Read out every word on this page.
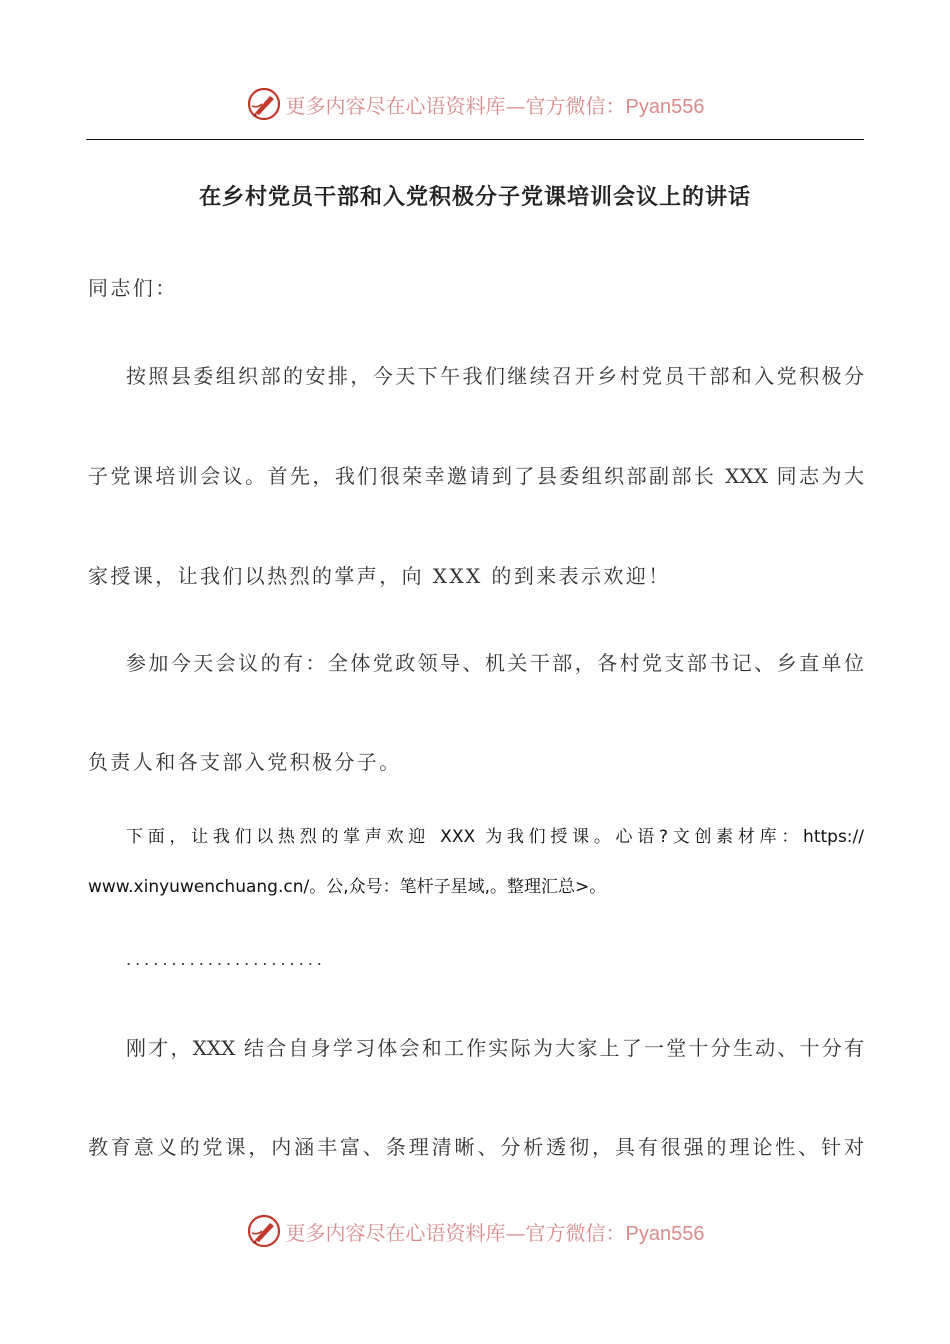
更多内容尽在心语资料库—官方微信：Pyan556
在乡村党员干部和入党积极分子党课培训会议上的讲话
同志们：
按照县委组织部的安排，今天下午我们继续召开乡村党员干部和入党积极分
子党课培训会议。首先，我们很荣幸邀请到了县委组织部副部长 XXX 同志为大
家授课，让我们以热烈的掌声，向 XXX 的到来表示欢迎！
参加今天会议的有：全体党政领导、机关干部，各村党支部书记、乡直单位
负责人和各支部入党积极分子。
下面，让我们以热烈的掌声欢迎 XXX 为我们授课。心语?文创素材库：https://
www.xinyuwenchuang.cn/。公,众号：笔杆子星域,。整理汇总>。
......................
刚才，XXX 结合自身学习体会和工作实际为大家上了一堂十分生动、十分有
教育意义的党课，内涵丰富、条理清晰、分析透彻，具有很强的理论性、针对
更多内容尽在心语资料库—官方微信：Pyan556
